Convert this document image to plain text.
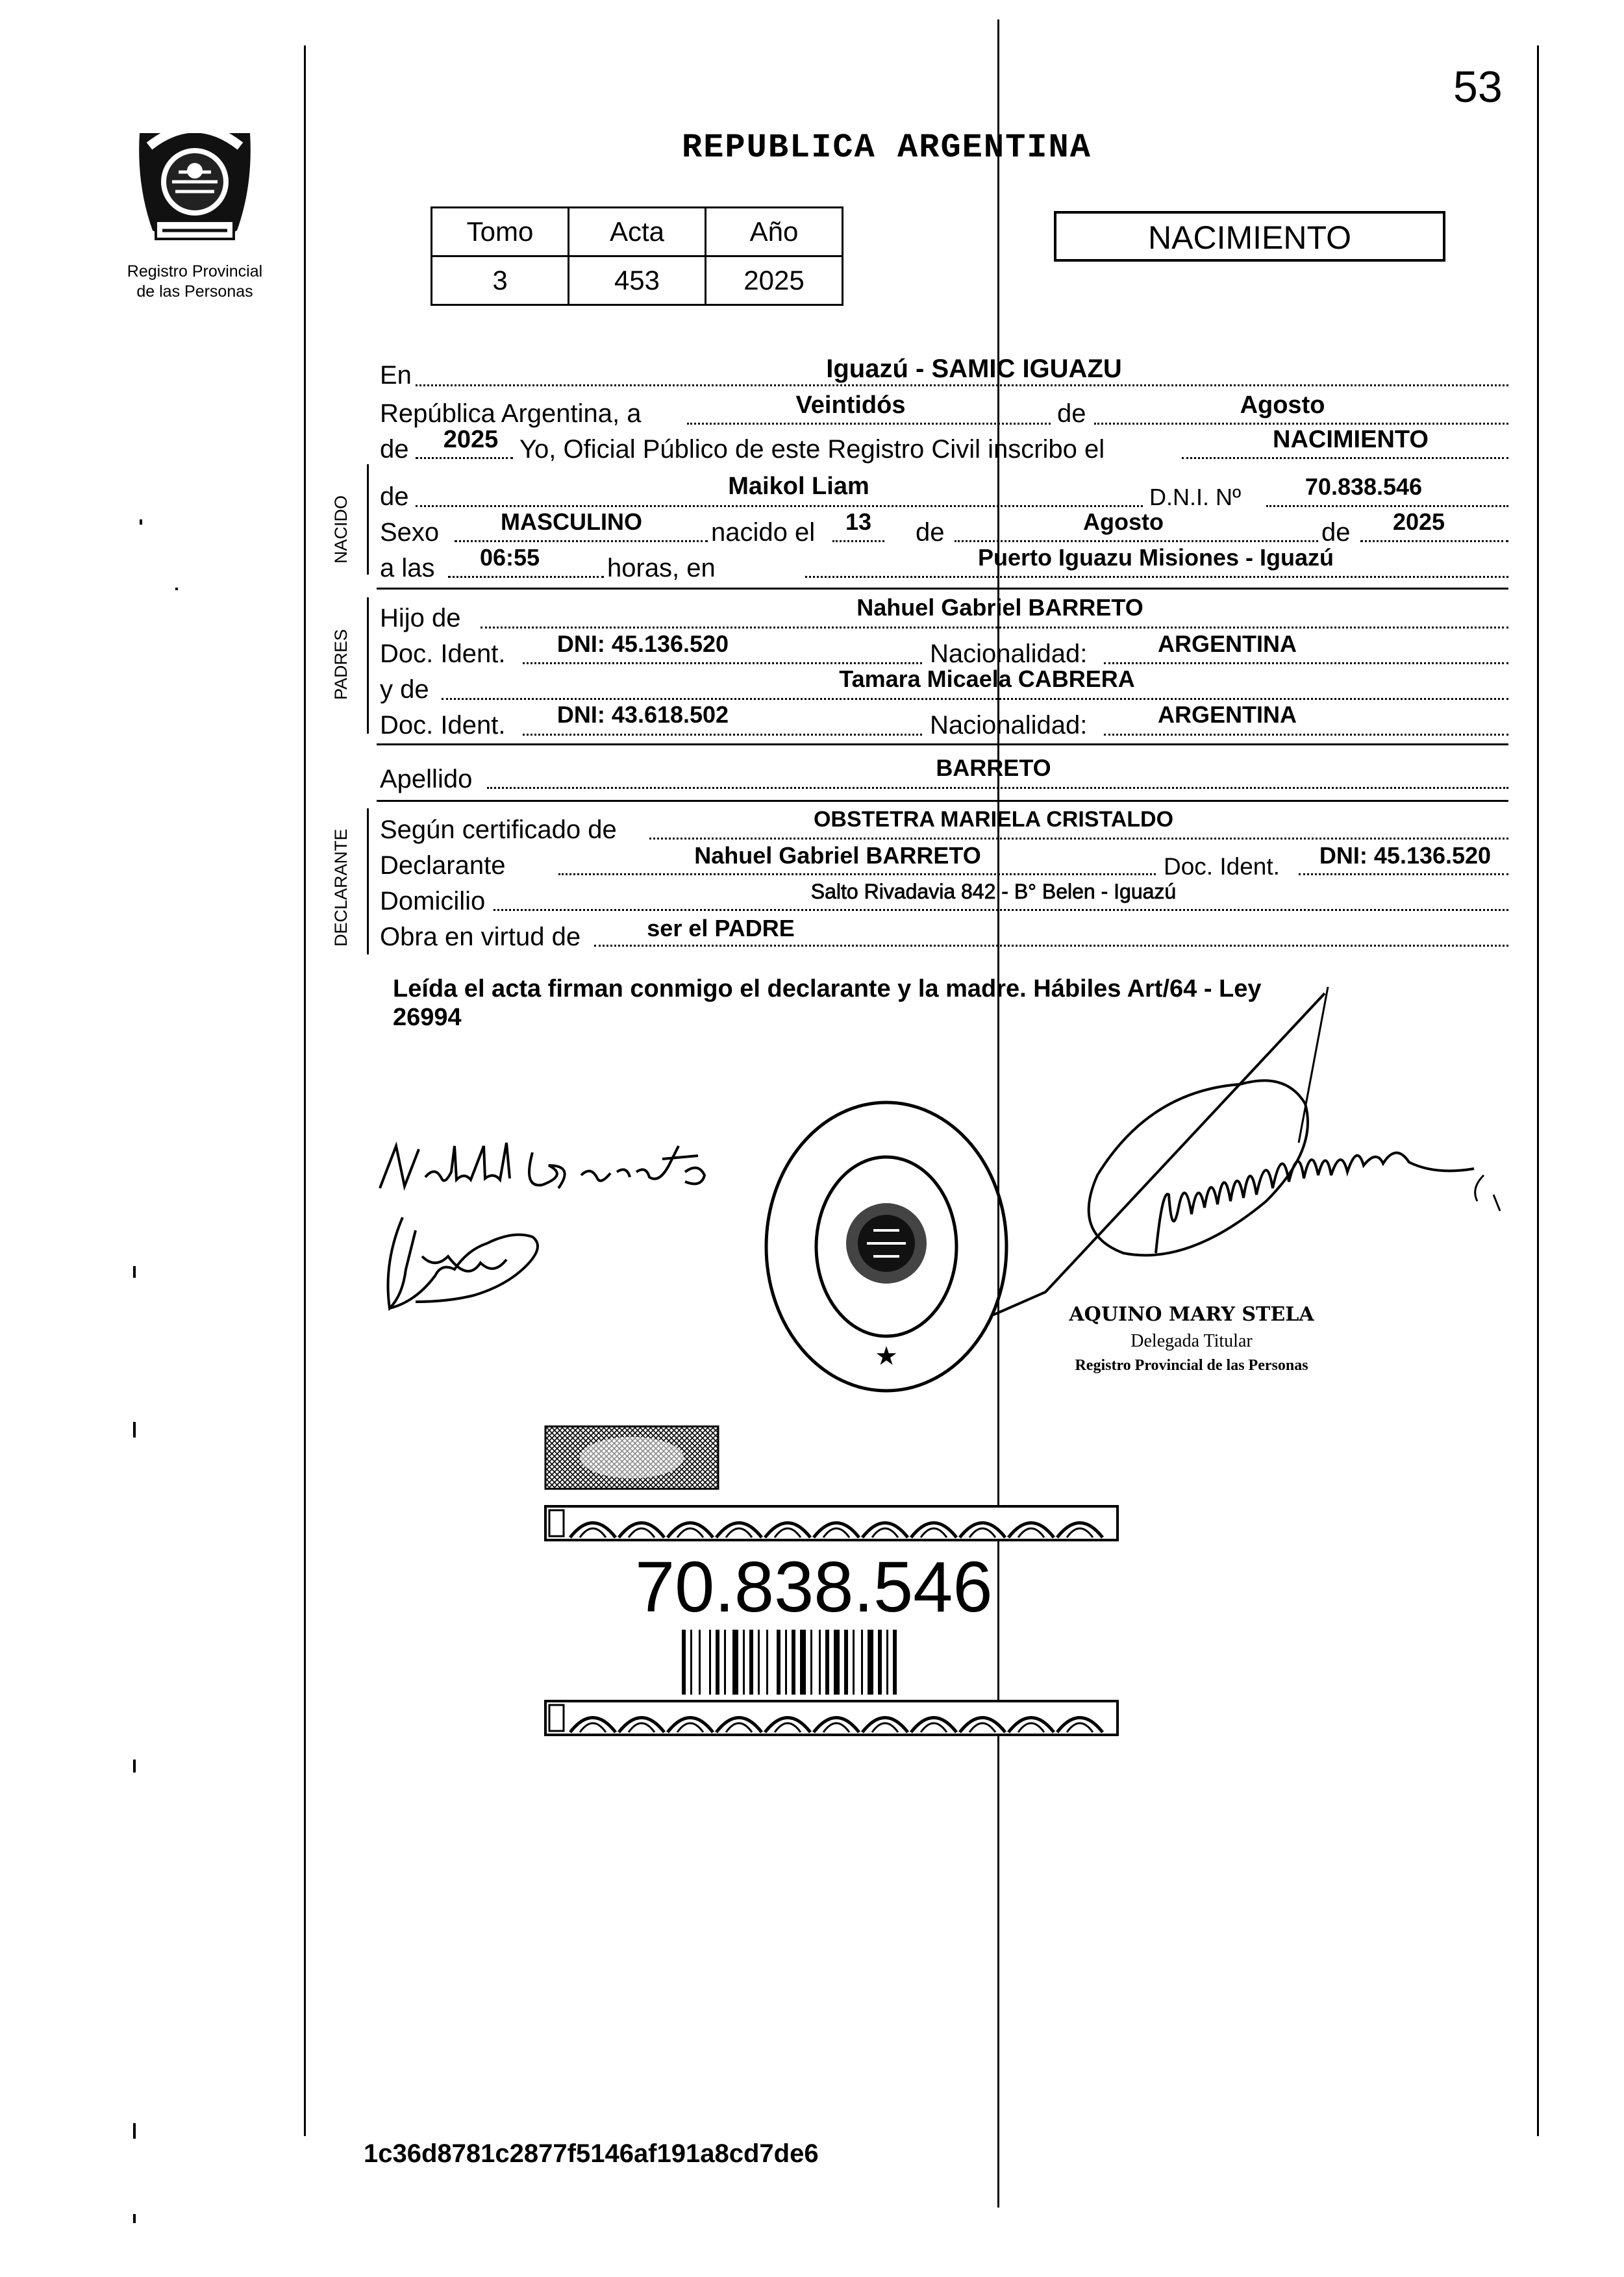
53
Registro Provincial
de las Personas
REPUBLICA ARGENTINA
Tomo	Acta	Año
3	453	2025
NACIMIENTO
En	Iguazú - SAMIC IGUAZU
República Argentina, a	Veintidós	de	Agosto
de	2025 Yo, Oficial Público de este Registro Civil inscribo el	NACIMIENTO
NACIDO de	Maikol Liam	D.N.I. Nº	70.838.546
Sexo	MASCULINO	nacido el	13	de	Agosto	de	2025
a las	06:55	horas, en	Puerto Iguazu Misiones - Iguazú
PADRES
Hijo de	Nahuel Gabriel BARRETO
Doc. Ident.	DNI: 45.136.520	Nacionalidad:	ARGENTINA
y de	Tamara Micaela CABRERA
Doc. Ident.	DNI: 43.618.502	Nacionalidad:	ARGENTINA
Apellido	BARRETO
DECLARANTE Según certificado de	OBSTETRA MARIELA CRISTALDO
Declarante	Nahuel Gabriel BARRETO	Doc. Ident.	DNI: 45.136.520
Domicilio	Salto Rivadavia 842 - B° Belen - Iguazú
Obra en virtud de	ser el PADRE
Leída el acta firman conmigo el declarante y la madre. Hábiles Art/64 - Ley
26994
★
AQUINO MARY STELA
Delegada Titular
Registro Provincial de las Personas
70.838.546
1c36d8781c2877f5146af191a8cd7de6
